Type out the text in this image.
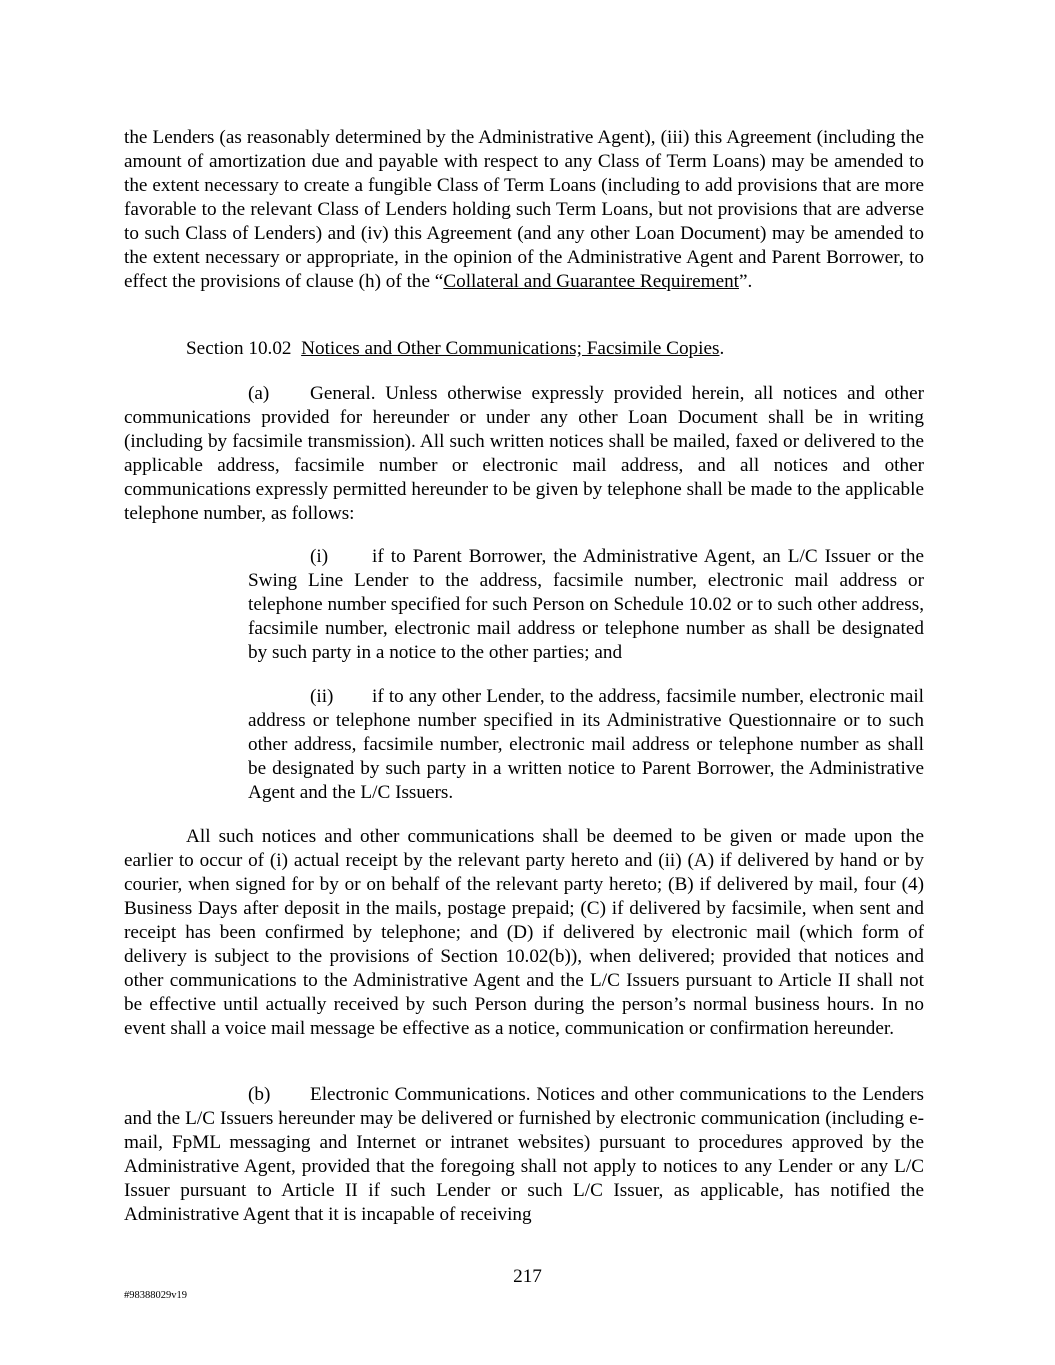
the Lenders (as reasonably determined by the Administrative Agent), (iii) this Agreement (including the amount of amortization due and payable with respect to any Class of Term Loans) may be amended to the extent necessary to create a fungible Class of Term Loans (including to add provisions that are more favorable to the relevant Class of Lenders holding such Term Loans, but not provisions that are adverse to such Class of Lenders) and (iv) this Agreement (and any other Loan Document) may be amended to the extent necessary or appropriate, in the opinion of the Administrative Agent and Parent Borrower, to effect the provisions of clause (h) of the “Collateral and Guarantee Requirement”.

Section 10.02 Notices and Other Communications; Facsimile Copies.

(a) General. Unless otherwise expressly provided herein, all notices and other communications provided for hereunder or under any other Loan Document shall be in writing (including by facsimile transmission). All such written notices shall be mailed, faxed or delivered to the applicable address, facsimile number or electronic mail address, and all notices and other communications expressly permitted hereunder to be given by telephone shall be made to the applicable telephone number, as follows:

(i) if to Parent Borrower, the Administrative Agent, an L/C Issuer or the Swing Line Lender to the address, facsimile number, electronic mail address or telephone number specified for such Person on Schedule 10.02 or to such other address, facsimile number, electronic mail address or telephone number as shall be designated by such party in a notice to the other parties; and

(ii) if to any other Lender, to the address, facsimile number, electronic mail address or telephone number specified in its Administrative Questionnaire or to such other address, facsimile number, electronic mail address or telephone number as shall be designated by such party in a written notice to Parent Borrower, the Administrative Agent and the L/C Issuers.

All such notices and other communications shall be deemed to be given or made upon the earlier to occur of (i) actual receipt by the relevant party hereto and (ii) (A) if delivered by hand or by courier, when signed for by or on behalf of the relevant party hereto; (B) if delivered by mail, four (4) Business Days after deposit in the mails, postage prepaid; (C) if delivered by facsimile, when sent and receipt has been confirmed by telephone; and (D) if delivered by electronic mail (which form of delivery is subject to the provisions of Section 10.02(b)), when delivered; provided that notices and other communications to the Administrative Agent and the L/C Issuers pursuant to Article II shall not be effective until actually received by such Person during the person’s normal business hours. In no event shall a voice mail message be effective as a notice, communication or confirmation hereunder.

(b) Electronic Communications. Notices and other communications to the Lenders and the L/C Issuers hereunder may be delivered or furnished by electronic communication (including e-mail, FpML messaging and Internet or intranet websites) pursuant to procedures approved by the Administrative Agent, provided that the foregoing shall not apply to notices to any Lender or any L/C Issuer pursuant to Article II if such Lender or such L/C Issuer, as applicable, has notified the Administrative Agent that it is incapable of receiving

217

#98388029v19
